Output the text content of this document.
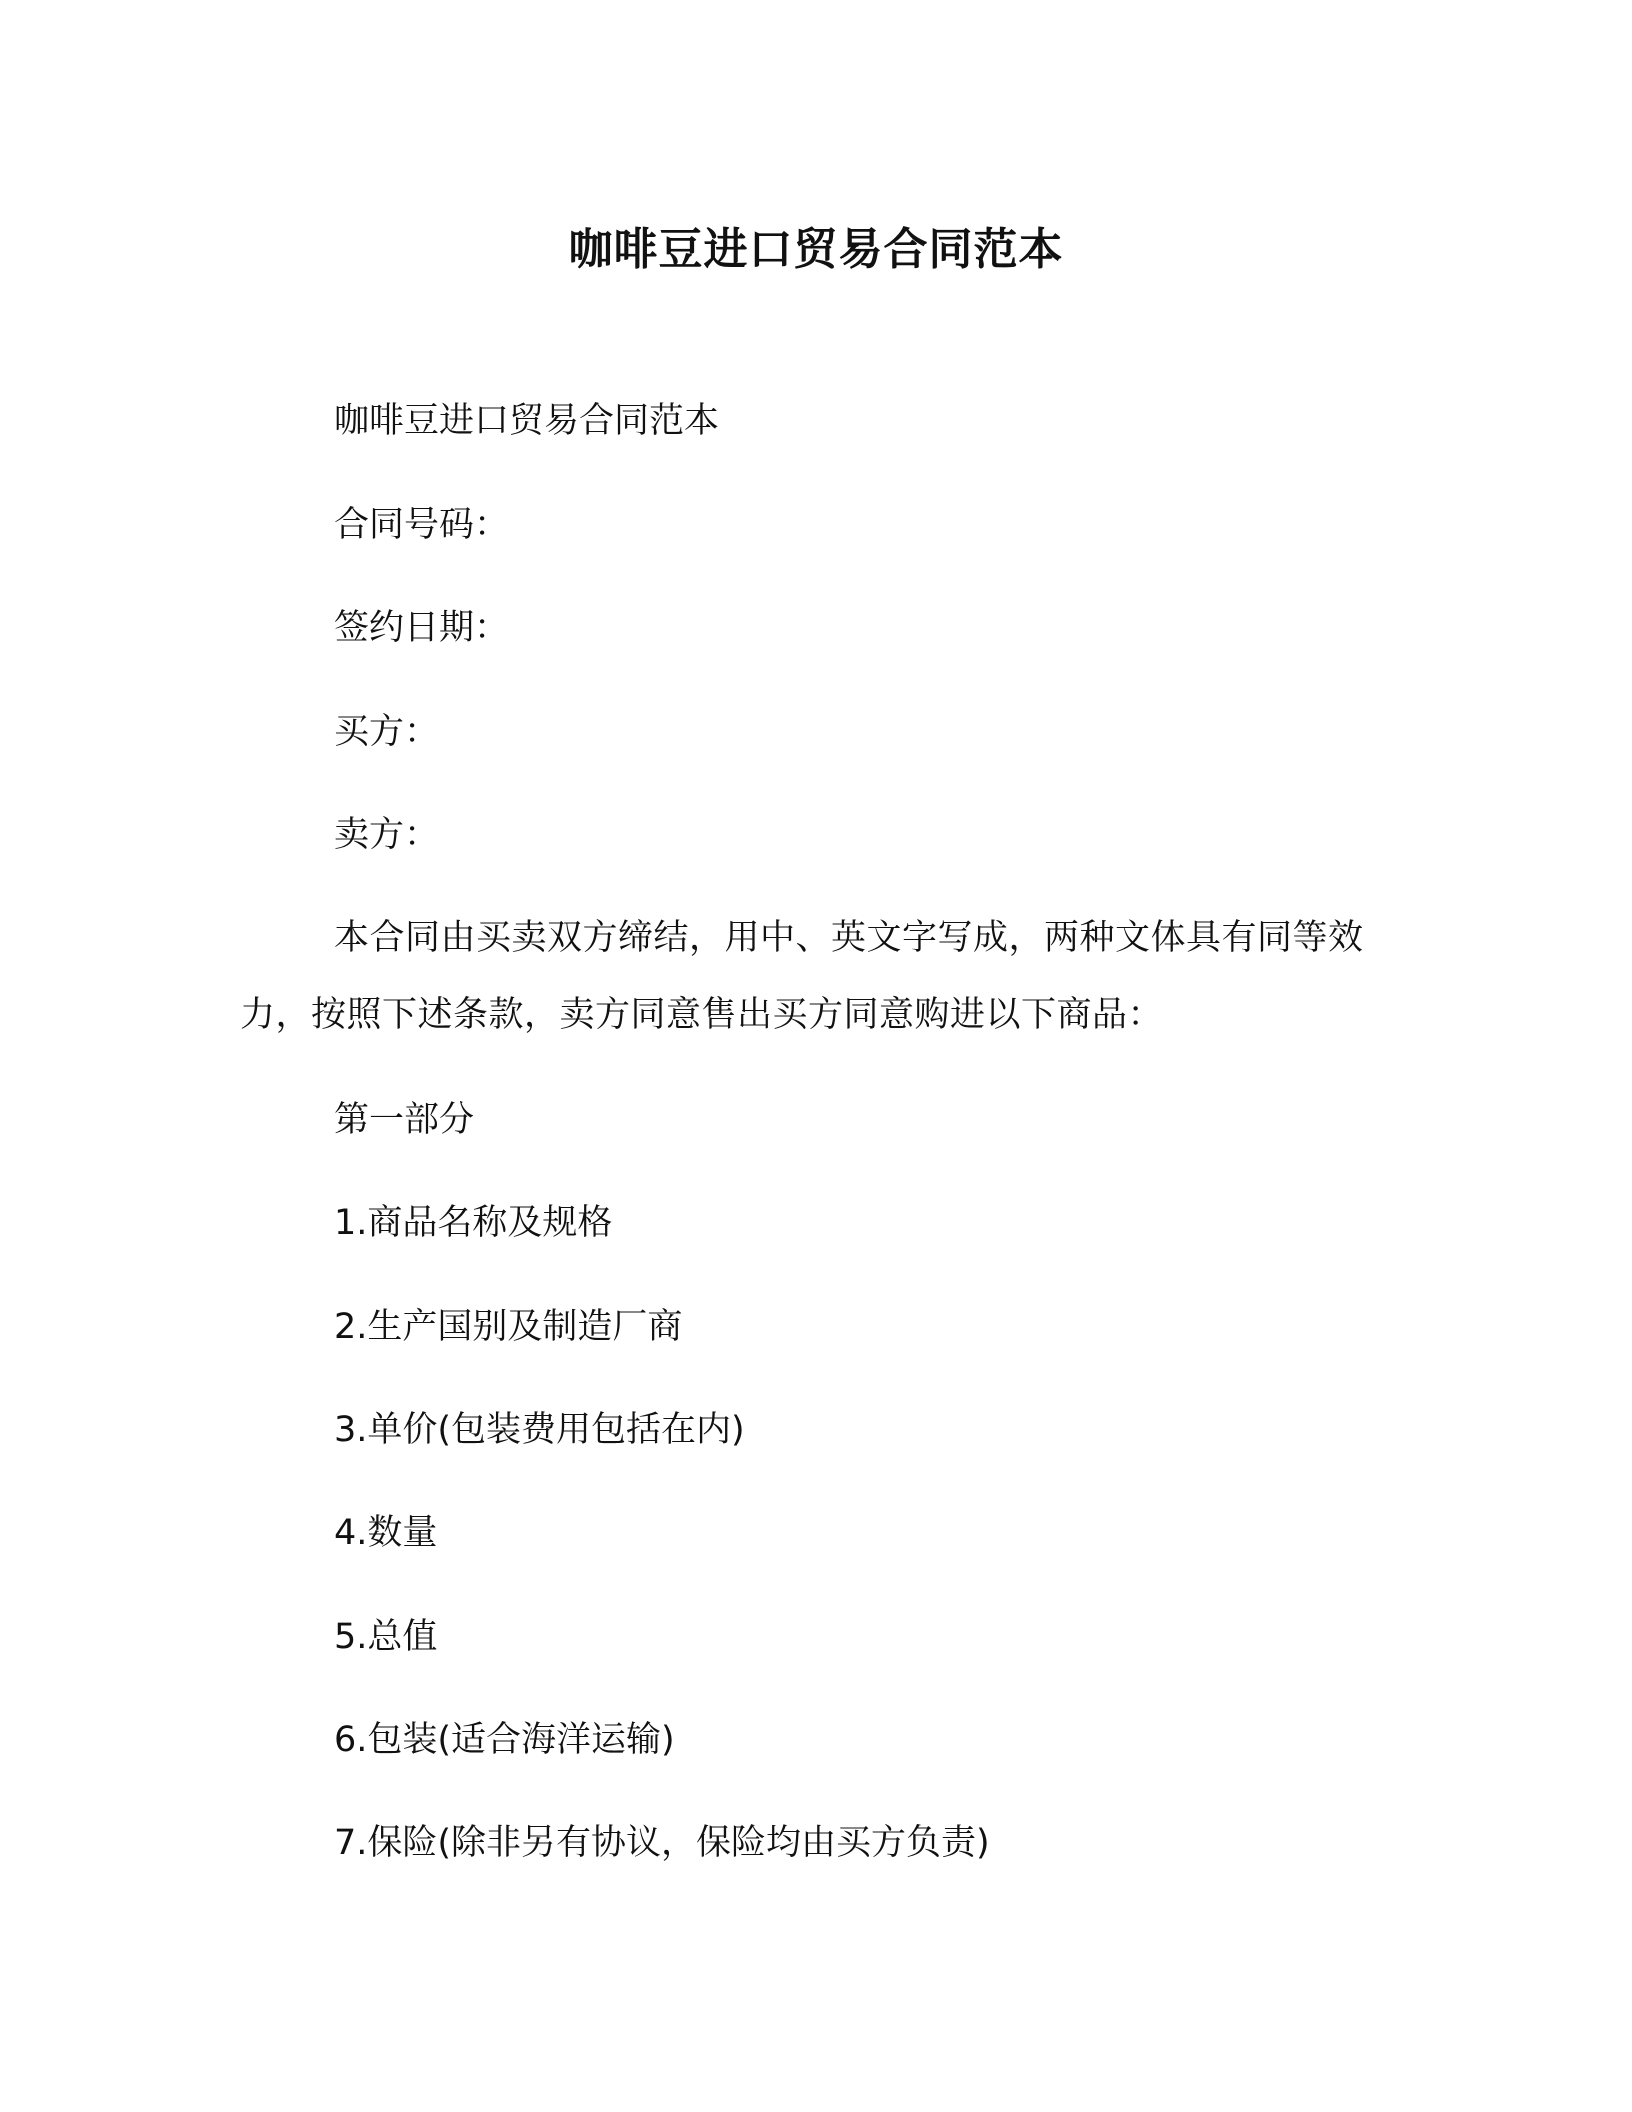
咖啡豆进口贸易合同范本
咖啡豆进口贸易合同范本
合同号码：
签约日期：
买方：
卖方：
本合同由买卖双方缔结，用中、英文字写成，两种文体具有同等效力，按照下述条款，卖方同意售出买方同意购进以下商品：
第一部分
1.商品名称及规格
2.生产国别及制造厂商
3.单价(包装费用包括在内)
4.数量
5.总值
6.包装(适合海洋运输)
7.保险(除非另有协议，保险均由买方负责)
